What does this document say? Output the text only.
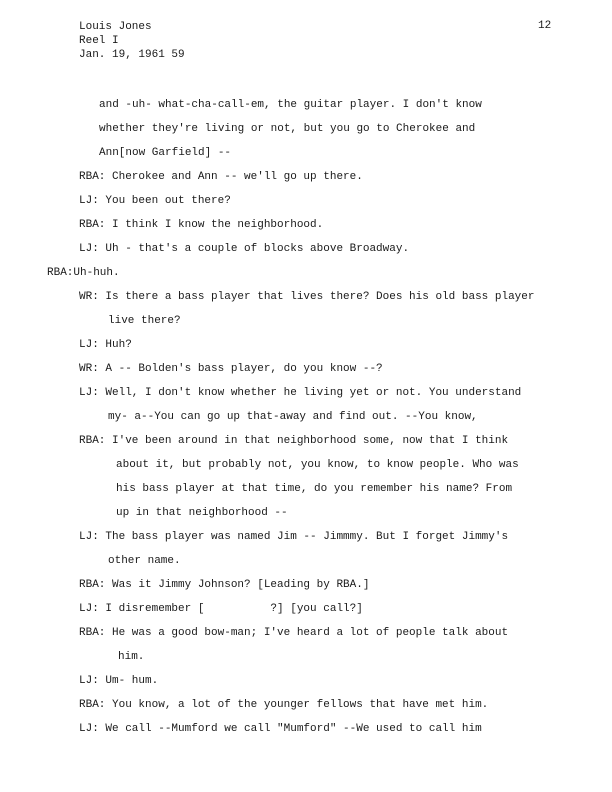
Louis Jones
Reel I
Jan. 19, 1961 59
12
and -uh- what-cha-call-em, the guitar player. I don't know
whether they're living or not, but you go to Cherokee and
Ann[now Garfield] --
RBA: Cherokee and Ann -- we'll go up there.
LJ: You been out there?
RBA: I think I know the neighborhood.
LJ: Uh - that's a couple of blocks above Broadway.
RBA:Uh-huh.
WR: Is there a bass player that lives there? Does his old bass player
live there?
LJ: Huh?
WR: A -- Bolden's bass player, do you know --?
LJ: Well, I don't know whether he living yet or not. You understand
my- a--You can go up that-away and find out. --You know,
RBA: I've been around in that neighborhood some, now that I think
about it, but probably not, you know, to know people. Who was
his bass player at that time, do you remember his name? From
up in that neighborhood --
LJ: The bass player was named Jim -- Jimmmy. But I forget Jimmy's
other name.
RBA: Was it Jimmy Johnson? [Leading by RBA.]
LJ: I disremember [          ?] [you call?]
RBA: He was a good bow-man; I've heard a lot of people talk about
him.
LJ: Um- hum.
RBA: You know, a lot of the younger fellows that have met him.
LJ: We call --Mumford we call "Mumford" --We used to call him
